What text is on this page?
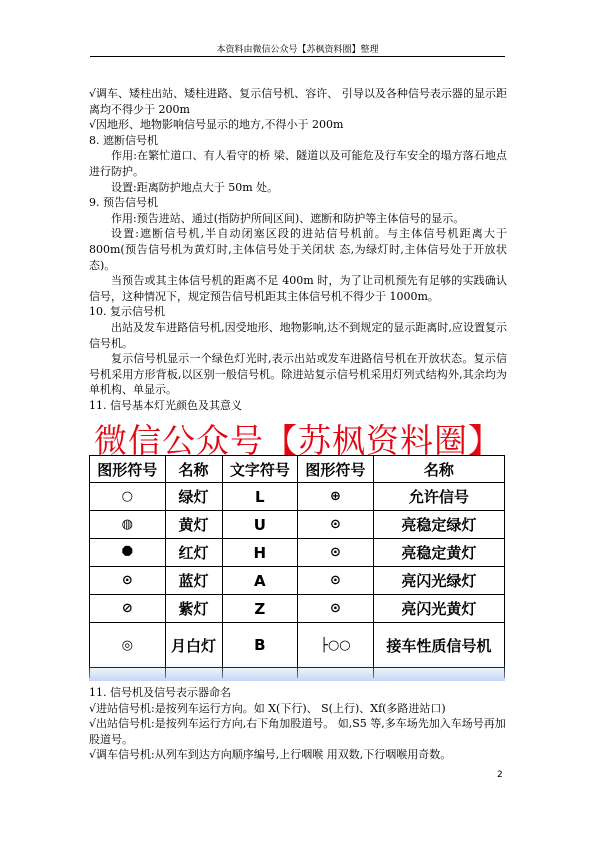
本资料由微信公众号【苏枫资料圈】整理

√调车、矮柱出站、矮柱进路、复示信号机、容许、 引导以及各种信号表示器的显示距离均不得少于 200m

√因地形、地物影响信号显示的地方,不得小于 200m

8. 遮断信号机

作用:在繁忙道口、有人看守的桥 梁、隧道以及可能危及行车安全的塌方落石地点进行防护。

设置:距离防护地点大于 50m 处。

9. 预告信号机

作用:预告进站、通过(指防护所间区间)、遮断和防护等主体信号的显示。

设置:遮断信号机,半自动闭塞区段的进站信号机前。与主体信号机距离大于800m(预告信号机为黄灯时,主体信号处于关闭状 态,为绿灯时,主体信号处于开放状态)。

当预告或其主体信号机的距离不足 400m 时，为了让司机预先有足够的实践确认信号，这种情况下，规定预告信号机距其主体信号机不得少于 1000m。

10. 复示信号机

出站及发车进路信号机,因受地形、地物影响,达不到规定的显示距离时,应设置复示信号机。

复示信号机显示一个绿色灯光时,表示出站或发车进路信号机在开放状态。复示信号机采用方形背板,以区别一般信号机。除进站复示信号机采用灯列式结构外,其余均为单机构、单显示。

11. 信号基本灯光颜色及其意义

图形符号	名称	文字符号	图形符号	名称
○	绿灯	L	⊕	允许信号
◍	黄灯	U	⊙	亮稳定绿灯
⯃	红灯	H	⊙	亮稳定黄灯
⊙	蓝灯	A	⊙	亮闪光绿灯
⊘	紫灯	Z	⊙	亮闪光黄灯
◎	月白灯	B	├○○	接车性质信号机

微信公众号【苏枫资料圈】

11. 信号机及信号表示器命名

√进站信号机:是按列车运行方向。如 X(下行)、 S(上行)、Xf(多路进站口)

√出站信号机:是按列车运行方向,右下角加股道号。 如,S5 等,多车场先加入车场号再加股道号。

√调车信号机:从列车到达方向顺序编号,上行咽喉 用双数,下行咽喉用奇数。

2
